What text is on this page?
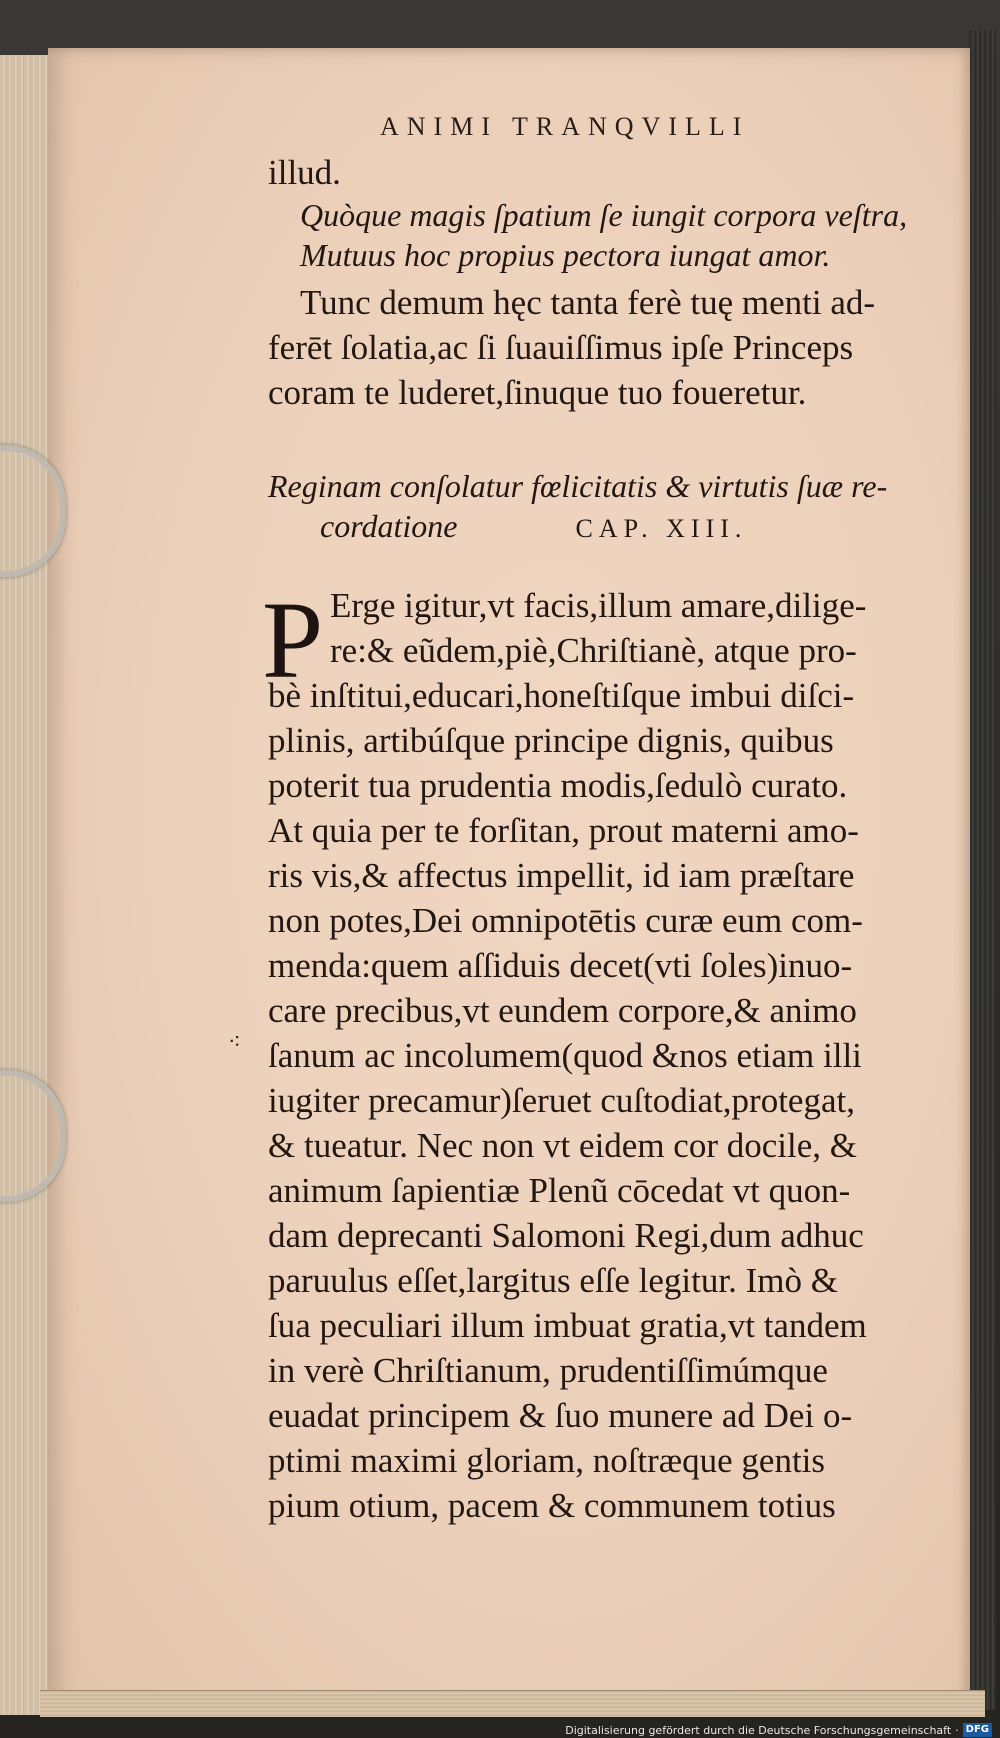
ANIMI TRANQVILLI
illud.
Quòque magis ſpatium ſe iungit corpora veſtra,
Mutuus hoc propius pectora iungat amor.
Tunc demum hęc tanta ferè tuę menti ad-
ferēt ſolatia,ac ſi ſuauiſſimus ipſe Princeps
coram te luderet,ſinuque tuo foueretur.
Reginam conſolatur fœlicitatis & virtutis ſuæ re-
cordatione	CAP. XIII.
P Erge igitur,vt facis,illum amare,dilige-
re:& eũdem,piè,Chriſtianè, atque pro-
bè inſtitui,educari,honeſtiſque imbui diſci-
plinis, artibúſque principe dignis, quibus
poterit tua prudentia modis,ſedulò curato.
At quia per te forſitan, prout materni amo-
ris vis,& affectus impellit, id iam præſtare
non potes,Dei omnipotētis curæ eum com-
menda:quem aſſiduis decet(vti ſoles)inuo-
care precibus,vt eundem corpore,& animo
ſanum ac incolumem(quod &nos etiam illi
iugiter precamur)ſeruet cuſtodiat,protegat,
& tueatur. Nec non vt eidem cor docile, &
animum ſapientiæ Plenũ cōcedat vt quon-
dam deprecanti Salomoni Regi,dum adhuc
paruulus eſſet,largitus eſſe legitur. Imò &
ſua peculiari illum imbuat gratia,vt tandem
in verè Chriſtianum, prudentiſſimúmque
euadat principem & ſuo munere ad Dei o-
ptimi maximi gloriam, noſtræque gentis
pium otium, pacem & communem totius
⁖
Digitalisierung gefördert durch die Deutsche Forschungsgemeinschaft · DFG
